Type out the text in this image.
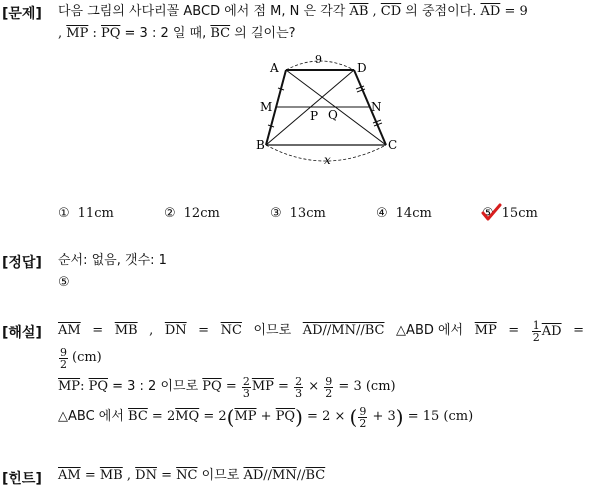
[문제] 다음 그림의 사다리꼴 ABCD 에서 점 M, N 은 각각 $\overline{AB}$ , $\overline{CD}$ 의 중점이다. $\overline{AD} = 9$
, $\overline{MP}$ : $\overline{PQ} = 3$ : 2 일 때, $\overline{BC}$ 의 길이는?
A	D
M	N
P Q
B	C
9
x
① 11cm	② 12cm	③ 13cm	④ 14cm	⑤ 15cm
[정답] 순서: 없음, 갯수: 1
⑤
[해설] $\overline{AM} = \overline{MB}$ , $\overline{DN} = \overline{NC}$ 이므로 AD//MN//BC △ABD 에서 $\overline{MP} = \frac{1}{2} \overline{AD}$ =
$\frac{9}{2} (cm)$
$\overline{MP}$ : $\overline{PQ} = 3$ : 2 이므로 $\overline{PQ} = \frac{2}{3} \overline{MP} = \frac{2}{3}$
×
$\frac{9}{2}$
= 3 (cm)
△ABC 에서 $\overline{BC} = 2$ $\overline{MQ} = 2$ ( $\overline{MP} + \overline{PQ}$ ) = 2 × ( $\frac{9}{2} + 3$ ) = 15 (cm)
[힌트] $\overline{AM} = \overline{MB}$ , $\overline{DN} = \overline{NC}$ 이므로 $\overline{AD}//\overline{MN}//\overline{BC}$
